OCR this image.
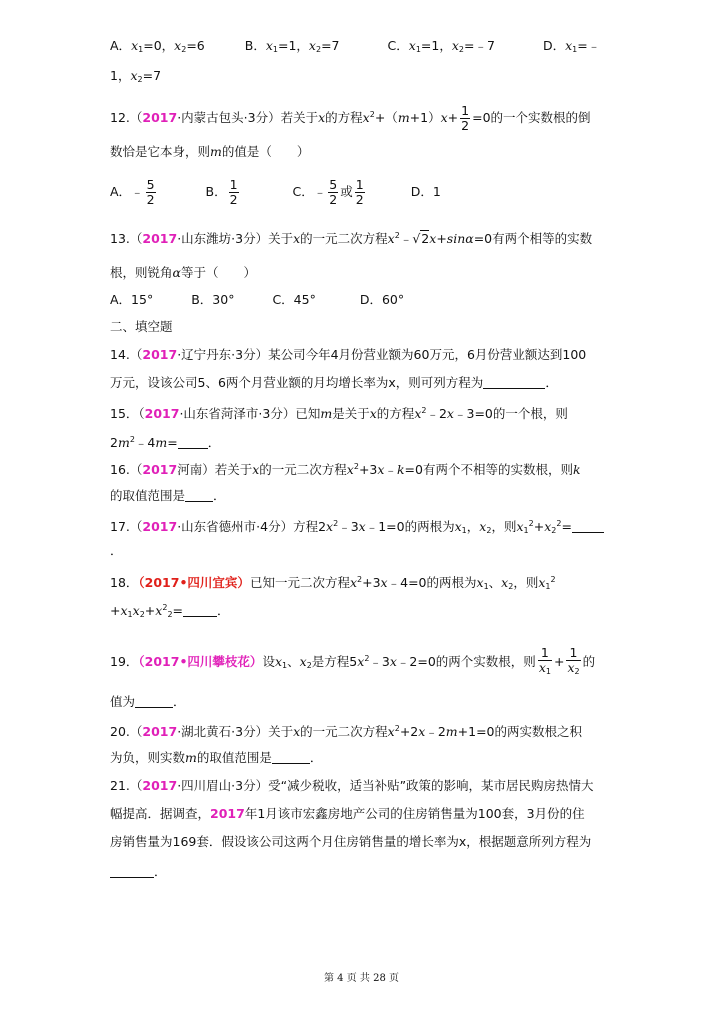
A．$x_1=0$，$x_2=6$	B．$x_1=1$，$x_2=7$	C．$x_1=1$，$x_2=﹣7$	D．$x_1=﹣$
1，$x_2=7$
12.（2017·内蒙古包头·3分）若关于x的方程$x^2+(m+1)x+ \frac{1}{2} =0$的一个实数根的倒
数恰是它本身，则m的值是（　　）
A．﹣ $\frac{5}{2}$	B． $\frac{1}{2}$	C．﹣ $\frac{5}{2}$ 或 $\frac{1}{2}$	D．1
13.（2017·山东潍坊·3分）关于x的一元二次方程$x^2﹣√2x+\sin\alpha=0$有两个相等的实数
根，则锐角α等于（　　）
A．15°	B．30°	C．45°	D．60°
二、填空题
14.（2017·辽宁丹东·3分）某公司今年4月份营业额为60万元，6月份营业额达到100
万元，设该公司5、6两个月营业额的月均增长率为x，则可列方程为	．
15．（2017·山东省菏泽市·3分）已知m是关于x的方程$x^2﹣2x﹣3=0$的一个根，则
$2m^2﹣4m=$ ．
16.（2017河南）若关于x的一元二次方程$x^2+3x﹣k=0$有两个不相等的实数根，则k
的取值范围是 ．
17.（2017·山东省德州市·4分）方程$2x^2﹣3x﹣1=0$的两根为$x_1$，$x_2$，则$x_1^2+x_2^2=$
．
18．（2017•四川宜宾）已知一元二次方程$x^2+3x﹣4=0$的两根为$x_1$、$x_2$，则$x_1^2$
$+x_1x_2+x^2_2=$	．
19．（2017•四川攀枝花）设$x_1$、$x_2$是方程$5x^2﹣3x﹣2=0$的两个实数根，则 $\frac{1}{x_1} + \frac{1}{x_2}$ 的
值为	．
20.（2017·湖北黄石·3分）关于x的一元二次方程$x^2+2x﹣2m+1=0$的两实数根之积
为负，则实数m的取值范围是	．
21.（2017·四川眉山·3分）受“减少税收，适当补贴”政策的影响，某市居民购房热情大
幅提高．据调查，2017年1月该市宏鑫房地产公司的住房销售量为100套，3月份的住
房销售量为169套．假设该公司这两个月住房销售量的增长率为x，根据题意所列方程为
．
第 4 页 共 28 页
